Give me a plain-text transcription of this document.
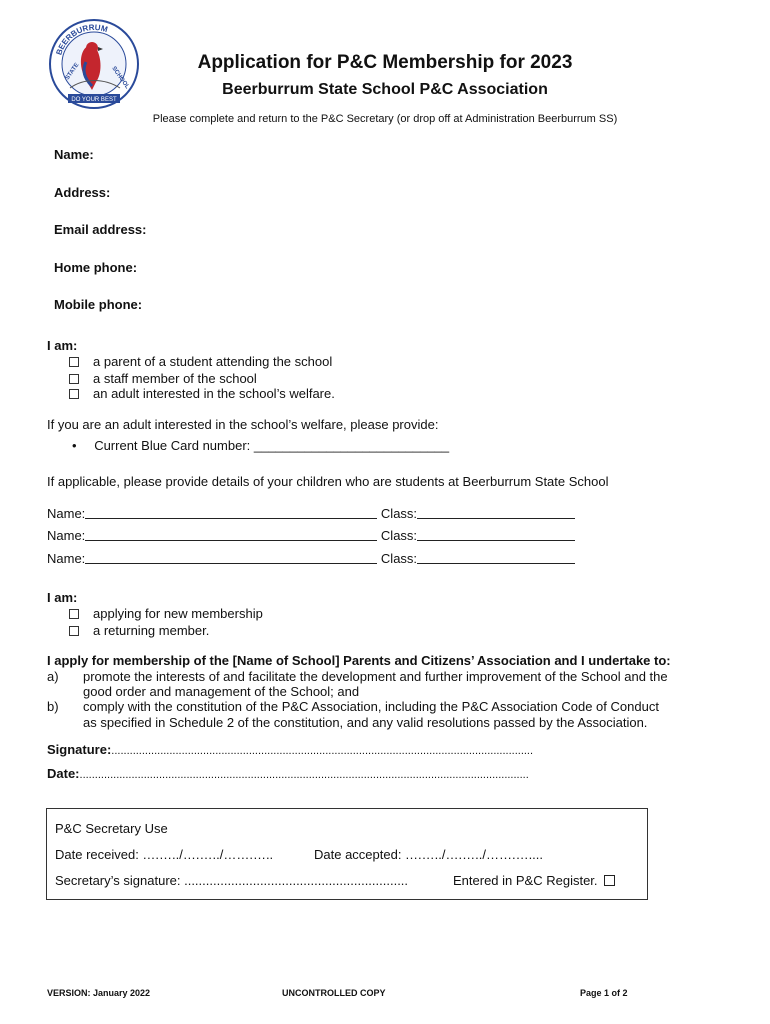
BEERBURRUM
STATE	SCHOOL
DO YOUR BEST
Application for P&C Membership for 2023
Beerburrum State School P&C Association
Please complete and return to the P&C Secretary (or drop off at Administration Beerburrum SS)
Name:
Address:
Email address:
Home phone:
Mobile phone:
I am:
a parent of a student attending the school
a staff member of the school
an adult interested in the school’s welfare.
If you are an adult interested in the school’s welfare, please provide:
• Current Blue Card number: ___________________________
If applicable, please provide details of your children who are students at Beerburrum State School
Name:	Class:
Name:	Class:
Name:	Class:
I am:
applying for new membership
a returning member.
I apply for membership of the [Name of School] Parents and Citizens’ Association and I undertake to:
a) promote the interests of and facilitate the development and further improvement of the School and the
good order and management of the School; and
b) comply with the constitution of the P&C Association, including the P&C Association Code of Conduct
as specified in Schedule 2 of the constitution, and any valid resolutions passed by the Association.
Signature:..........................................................................................................................................
Date:...................................................................................................................................................
P&C Secretary Use
Date received: ….…../….…../…….…..	Date accepted: ….…../….…../…….…....
Secretary’s signature: ..............................................................	Entered in P&C Register.
VERSION: January 2022	UNCONTROLLED COPY	Page 1 of 2
